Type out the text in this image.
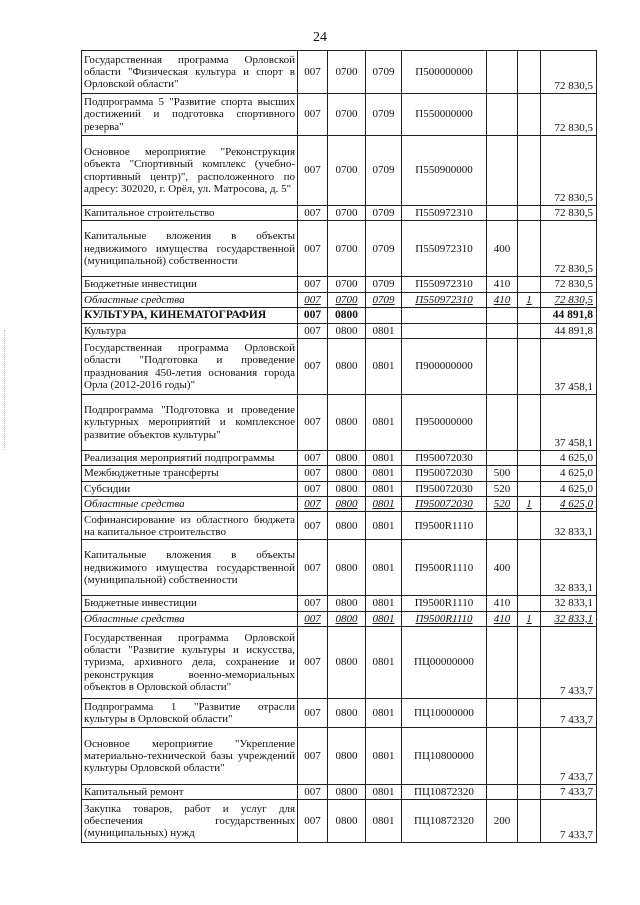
24
Государственная программа Орловской области "Физическая культура и спорт в Орловской области"	007	0700	0709	П500000000			72 830,5
Подпрограмма 5 "Развитие спорта высших достижений и подготовка спортивного резерва"	007	0700	0709	П550000000			72 830,5
Основное мероприятие "Реконструкция объекта "Спортивный комплекс (учебно-спортивный центр)", расположенного по адресу: 302020, г. Орёл, ул. Матросова, д. 5"	007	0700	0709	П550900000			72 830,5
Капитальное строительство	007	0700	0709	П550972310			72 830,5
Капитальные вложения в объекты недвижимого имущества государственной (муниципальной) собственности	007	0700	0709	П550972310	400		72 830,5
Бюджетные инвестиции	007	0700	0709	П550972310	410		72 830,5
Областные средства	007	0700	0709	П550972310	410	1	72 830,5
КУЛЬТУРА, КИНЕМАТОГРАФИЯ	007	0800					44 891,8
Культура	007	0800	0801				44 891,8
Государственная программа Орловской области "Подготовка и проведение празднования 450-летия основания города Орла (2012-2016 годы)"	007	0800	0801	П900000000			37 458,1
Подпрограмма "Подготовка и проведение культурных мероприятий и комплексное развитие объектов культуры"	007	0800	0801	П950000000			37 458,1
Реализация мероприятий подпрограммы	007	0800	0801	П950072030			4 625,0
Межбюджетные трансферты	007	0800	0801	П950072030	500		4 625,0
Субсидии	007	0800	0801	П950072030	520		4 625,0
Областные средства	007	0800	0801	П950072030	520	1	4 625,0
Софинансирование из областного бюджета на капитальное строительство	007	0800	0801	П9500R1110			32 833,1
Капитальные вложения в объекты недвижимого имущества государственной (муниципальной) собственности	007	0800	0801	П9500R1110	400		32 833,1
Бюджетные инвестиции	007	0800	0801	П9500R1110	410		32 833,1
Областные средства	007	0800	0801	П9500R1110	410	1	32 833,1
Государственная программа Орловской области "Развитие культуры и искусства, туризма, архивного дела, сохранение и реконструкция военно-мемориальных объектов в Орловской области"	007	0800	0801	ПЦ00000000			7 433,7
Подпрограмма 1 "Развитие отрасли культуры в Орловской области"	007	0800	0801	ПЦ10000000			7 433,7
Основное мероприятие "Укрепление материально-технической базы учреждений культуры Орловской области"	007	0800	0801	ПЦ10800000			7 433,7
Капитальный ремонт	007	0800	0801	ПЦ10872320			7 433,7
Закупка товаров, работ и услуг для обеспечения государственных (муниципальных) нужд	007	0800	0801	ПЦ10872320	200		7 433,7
